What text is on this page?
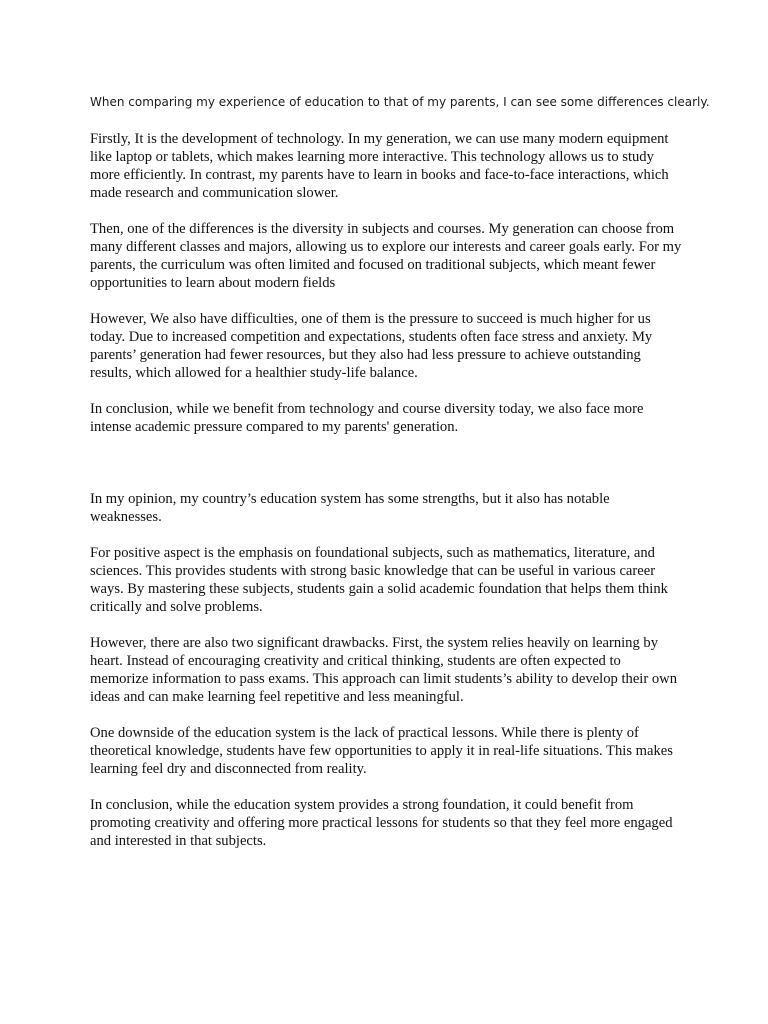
When comparing my experience of education to that of my parents, I can see some differences clearly.

Firstly, It is the development of technology. In my generation, we can use many modern equipment like laptop or tablets, which makes learning more interactive. This technology allows us to study more efficiently. In contrast, my parents have to learn in books and face-to-face interactions, which made research and communication slower.

Then, one of the differences is the diversity in subjects and courses. My generation can choose from many different classes and majors, allowing us to explore our interests and career goals early. For my parents, the curriculum was often limited and focused on traditional subjects, which meant fewer opportunities to learn about modern fields

However, We also have difficulties, one of them is the pressure to succeed is much higher for us today. Due to increased competition and expectations, students often face stress and anxiety. My parents’ generation had fewer resources, but they also had less pressure to achieve outstanding results, which allowed for a healthier study-life balance.

In conclusion, while we benefit from technology and course diversity today, we also face more intense academic pressure compared to my parents' generation.

In my opinion, my country’s education system has some strengths, but it also has notable weaknesses.

For positive aspect is the emphasis on foundational subjects, such as mathematics, literature, and sciences. This provides students with strong basic knowledge that can be useful in various career ways. By mastering these subjects, students gain a solid academic foundation that helps them think critically and solve problems.

However, there are also two significant drawbacks. First, the system relies heavily on learning by heart. Instead of encouraging creativity and critical thinking, students are often expected to memorize information to pass exams. This approach can limit students’s ability to develop their own ideas and can make learning feel repetitive and less meaningful.

One downside of the education system is the lack of practical lessons. While there is plenty of theoretical knowledge, students have few opportunities to apply it in real-life situations. This makes learning feel dry and disconnected from reality.

In conclusion, while the education system provides a strong foundation, it could benefit from promoting creativity and offering more practical lessons for students so that they feel more engaged and interested in that subjects.
